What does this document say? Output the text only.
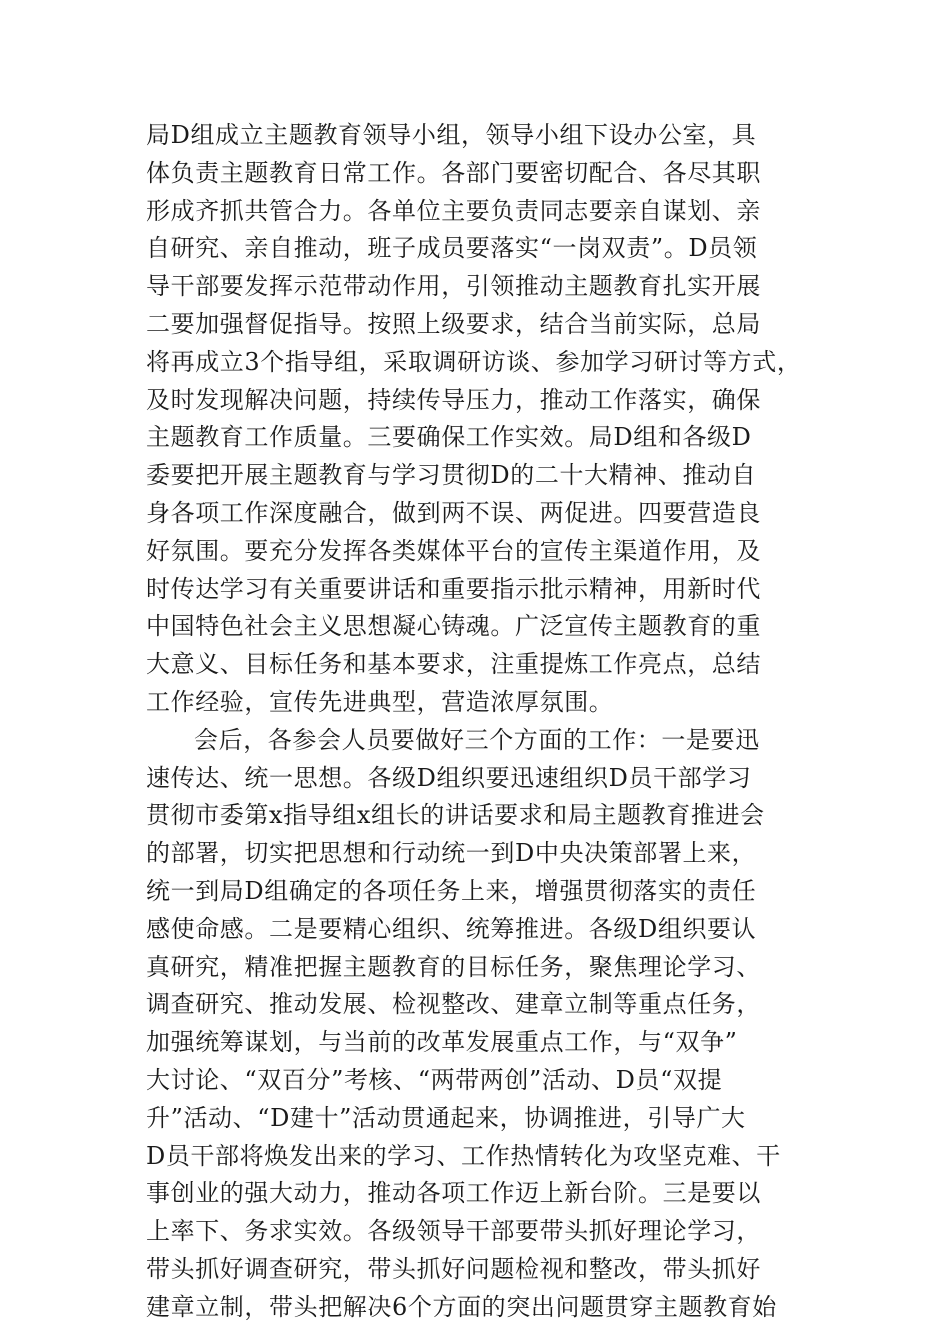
局D组成立主题教育领导小组，领导小组下设办公室，具
体负责主题教育日常工作。各部门要密切配合、各尽其职
形成齐抓共管合力。各单位主要负责同志要亲自谋划、亲
自研究、亲自推动，班子成员要落实“一岗双责”。D员领
导干部要发挥示范带动作用，引领推动主题教育扎实开展
二要加强督促指导。按照上级要求，结合当前实际，总局
将再成立3个指导组，采取调研访谈、参加学习研讨等方式，
及时发现解决问题，持续传导压力，推动工作落实，确保
主题教育工作质量。三要确保工作实效。局D组和各级D
委要把开展主题教育与学习贯彻D的二十大精神、推动自
身各项工作深度融合，做到两不误、两促进。四要营造良
好氛围。要充分发挥各类媒体平台的宣传主渠道作用，及
时传达学习有关重要讲话和重要指示批示精神，用新时代
中国特色社会主义思想凝心铸魂。广泛宣传主题教育的重
大意义、目标任务和基本要求，注重提炼工作亮点，总结
工作经验，宣传先进典型，营造浓厚氛围。
会后，各参会人员要做好三个方面的工作：一是要迅
速传达、统一思想。各级D组织要迅速组织D员干部学习
贯彻市委第x指导组x组长的讲话要求和局主题教育推进会
的部署，切实把思想和行动统一到D中央决策部署上来，
统一到局D组确定的各项任务上来，增强贯彻落实的责任
感使命感。二是要精心组织、统筹推进。各级D组织要认
真研究，精准把握主题教育的目标任务，聚焦理论学习、
调查研究、推动发展、检视整改、建章立制等重点任务，
加强统筹谋划，与当前的改革发展重点工作，与“双争”
大讨论、“双百分”考核、“两带两创”活动、D员“双提
升”活动、“D建十”活动贯通起来，协调推进，引导广大
D员干部将焕发出来的学习、工作热情转化为攻坚克难、干
事创业的强大动力，推动各项工作迈上新台阶。三是要以
上率下、务求实效。各级领导干部要带头抓好理论学习，
带头抓好调查研究，带头抓好问题检视和整改，带头抓好
建章立制，带头把解决6个方面的突出问题贯穿主题教育始
